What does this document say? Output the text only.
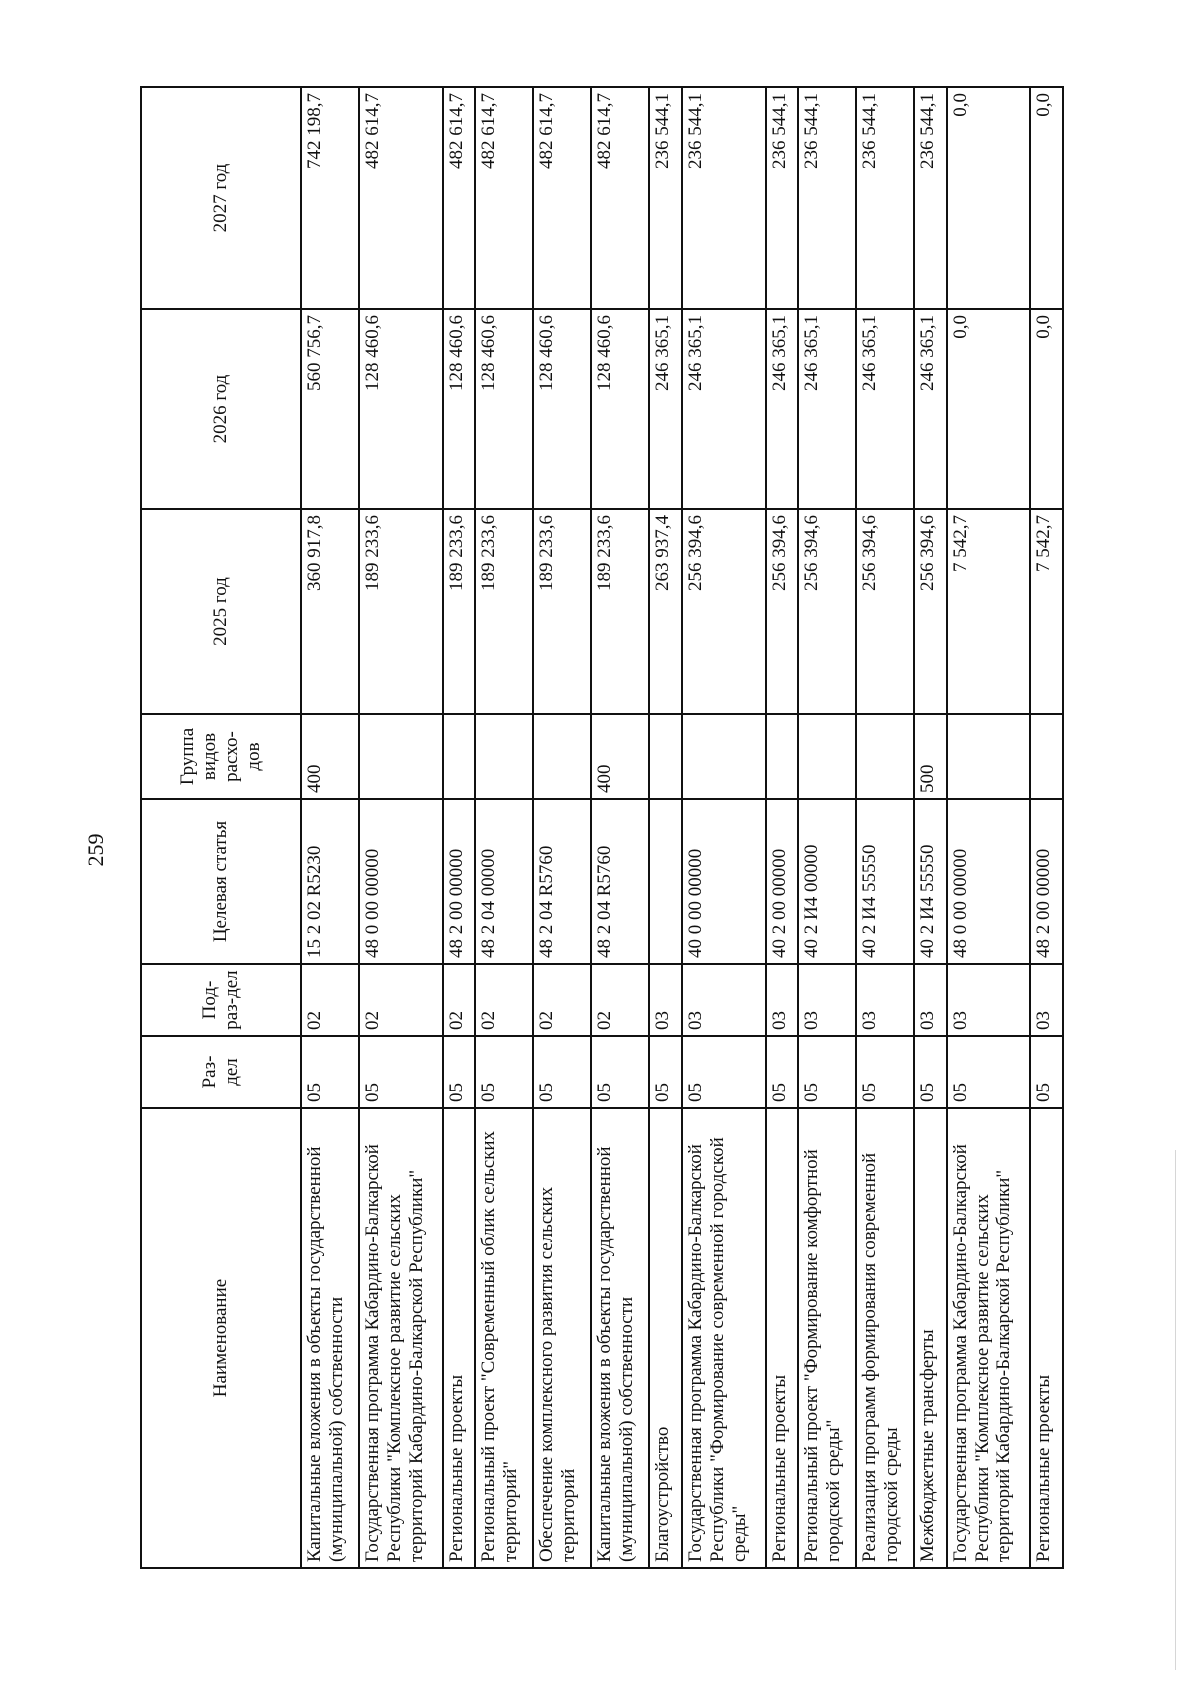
259
Наименование	Раз-дел	Под-раз-дел	Целевая статья	Группа видов расхо-дов	2025 год	2026 год	2027 год
Капитальные вложения в объекты государственной (муниципальной) собственности	05	02	15 2 02 R5230	400	360 917,8	560 756,7	742 198,7
Государственная программа Кабардино-Балкарской Республики "Комплексное развитие сельских территорий Кабардино-Балкарской Республики"	05	02	48 0 00 00000		189 233,6	128 460,6	482 614,7
Региональные проекты	05	02	48 2 00 00000		189 233,6	128 460,6	482 614,7
Региональный проект "Современный облик сельских территорий"	05	02	48 2 04 00000		189 233,6	128 460,6	482 614,7
Обеспечение комплексного развития сельских территорий	05	02	48 2 04 R5760		189 233,6	128 460,6	482 614,7
Капитальные вложения в объекты государственной (муниципальной) собственности	05	02	48 2 04 R5760	400	189 233,6	128 460,6	482 614,7
Благоустройство	05	03			263 937,4	246 365,1	236 544,1
Государственная программа Кабардино-Балкарской Республики "Формирование современной городской среды"	05	03	40 0 00 00000		256 394,6	246 365,1	236 544,1
Региональные проекты	05	03	40 2 00 00000		256 394,6	246 365,1	236 544,1
Региональный проект "Формирование комфортной городской среды"	05	03	40 2 И4 00000		256 394,6	246 365,1	236 544,1
Реализация программ формирования современной городской среды	05	03	40 2 И4 55550		256 394,6	246 365,1	236 544,1
Межбюджетные трансферты	05	03	40 2 И4 55550	500	256 394,6	246 365,1	236 544,1
Государственная программа Кабардино-Балкарской Республики "Комплексное развитие сельских территорий Кабардино-Балкарской Республики"	05	03	48 0 00 00000		7 542,7	0,0	0,0
Региональные проекты	05	03	48 2 00 00000		7 542,7	0,0	0,0
